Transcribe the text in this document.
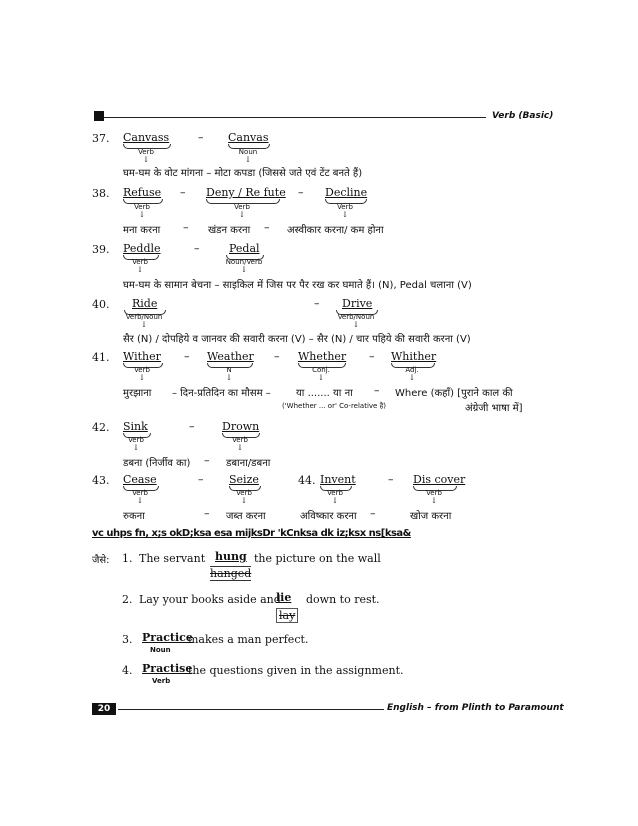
Verb (Basic)
37. Canvass	– Canvas
Verb	Noun
↓	↓
घम-घम के वोट मांगना – मोटा कपडा (जिससे जते एवं टेंट बनते हैं)
38. Refuse – Deny / Re fute – Decline
Verb	Verb	Verb
↓	↓	↓
मना करना – खंडन करना – अस्वीकार करना/ कम होना
39. Peddle	–	Pedal
Verb	Noun/Verb
↓	↓
घम-घम के सामान बेचना – साइकिल में जिस पर पैर रख कर घमाते हैं। (N), Pedal चलाना (V)
40. Ride	– Drive
Verb/Noun	Verb/Noun
↓	↓
सैर (N) / दोपहिये व जानवर की सवारी करना (V) – सैर (N) / चार पहिये की सवारी करना (V)
41. Wither – Weather – Whether – Whither
Verb	N	Conj.	Adj.
↓	↓	↓	↓
मुरझाना – दिन-प्रतिदिन का मौसम –	या ....... या ना – Where (कहाँ) [पुराने काल की
('Whether ... or' Co-relative है)	अंग्रेजी भाषा में]
42. Sink	–	Drown
Verb	Verb
↓	↓
डबना (निर्जीव का) – डबाना/डबना
43. Cease	– Seize	44. Invent	– Dis cover
Verb	Verb	Verb	Verb
↓	↓	↓	↓
रुकना	– जब्त करना	अविष्कार करना –	खोज करना
vc uhps fn, x;s okD;ksa esa mijksDr 'kCnksa dk iz;ksx ns[ksa&
जैसे: 1. The servant hung the picture on the wall
hanged
2. Lay your books aside and
lie down to rest.
lay
3. Practice
Noun
makes a man perfect.
4. Practise
Verb
the questions given in the assignment.
20	English – from Plinth to Paramount
